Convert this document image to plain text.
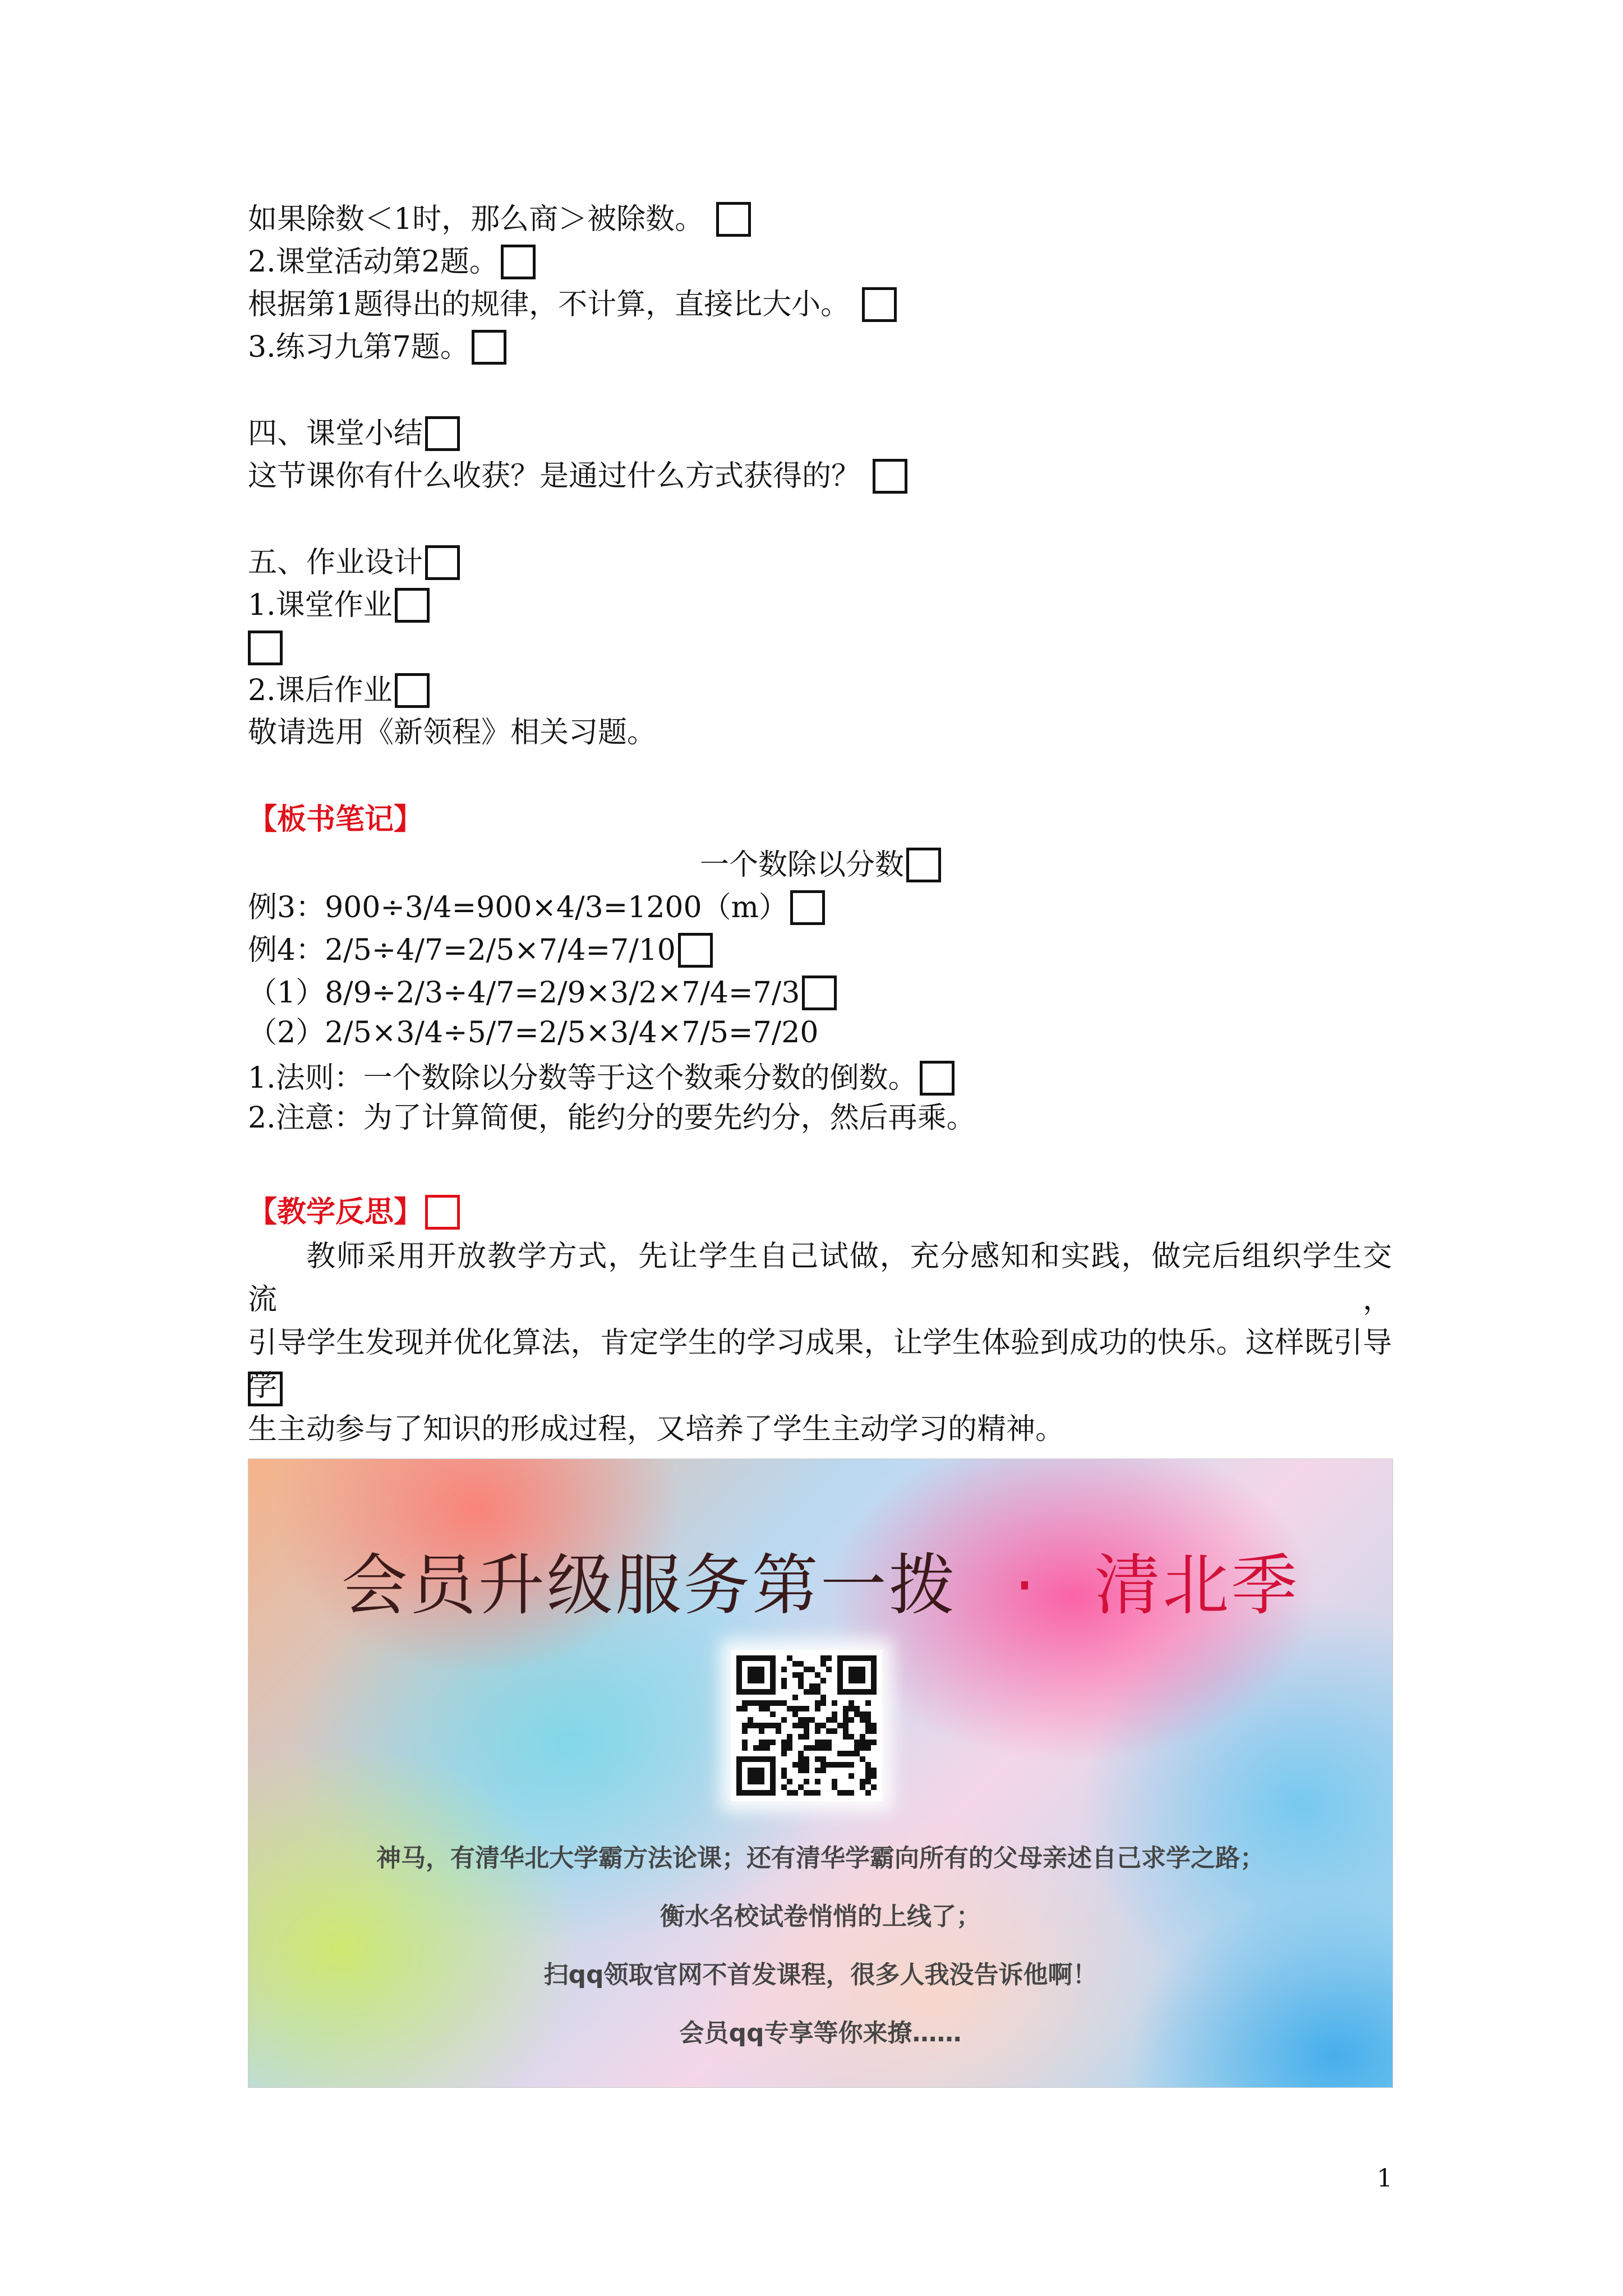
如果除数＜1时，那么商＞被除数。
2.课堂活动第2题。
根据第1题得出的规律，不计算，直接比大小。
3.练习九第7题。
四、课堂小结
这节课你有什么收获？是通过什么方式获得的？
五、作业设计
1.课堂作业
2.课后作业
敬请选用《新领程》相关习题。
【板书笔记】
一个数除以分数
例3：900÷3/4=900×4/3=1200（m）
例4：2/5÷4/7=2/5×7/4=7/10
（1）8/9÷2/3÷4/7=2/9×3/2×7/4=7/3
（2）2/5×3/4÷5/7=2/5×3/4×7/5=7/20
1.法则：一个数除以分数等于这个数乘分数的倒数。
2.注意：为了计算简便，能约分的要先约分，然后再乘。
【教学反思】
教师采用开放教学方式，先让学生自己试做，充分感知和实践，做完后组织学生交流，
引导学生发现并优化算法，肯定学生的学习成果，让学生体验到成功的快乐。这样既引导学
生主动参与了知识的形成过程，又培养了学生主动学习的精神。
会员升级服务第一拨 · 清北季
神马，有清华北大学霸方法论课；还有清华学霸向所有的父母亲述自己求学之路；
衡水名校试卷悄悄的上线了；
扫qq领取官网不首发课程，很多人我没告诉他啊！
会员qq专享等你来撩……
1
